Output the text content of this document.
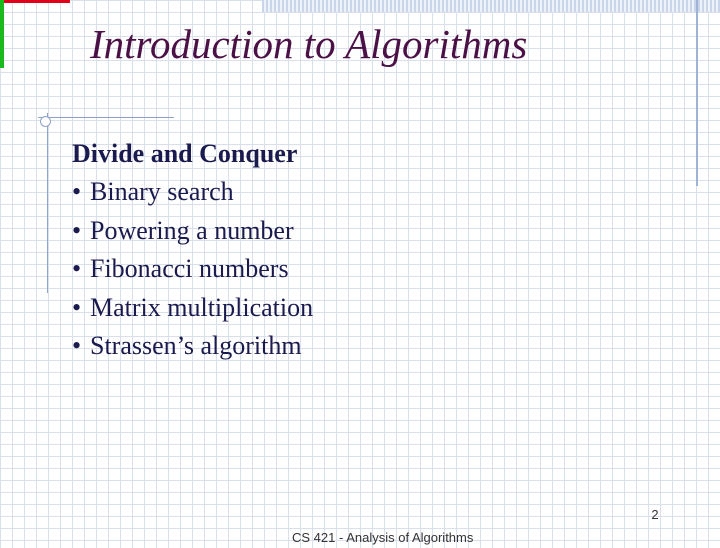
Introduction to Algorithms
Divide and Conquer
• Binary search
• Powering a number
• Fibonacci numbers
• Matrix multiplication
• Strassen’s algorithm
2
CS 421 - Analysis of Algorithms
